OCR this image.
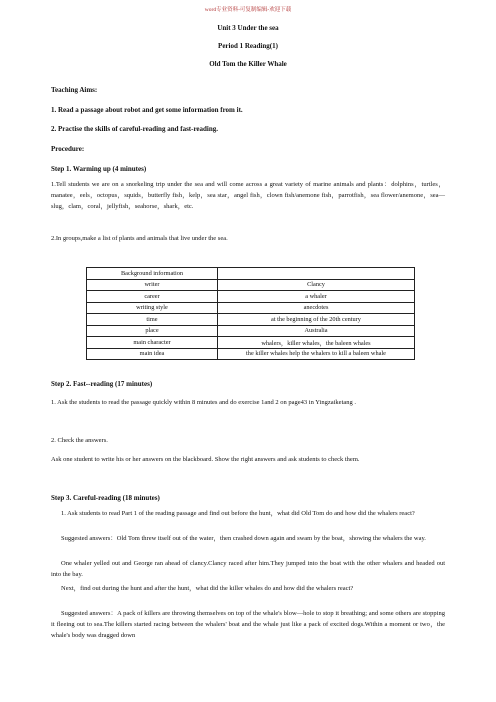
word专业资料-可复制编辑-欢迎下载
Unit 3 Under the sea
Period 1 Reading(1)
Old Tom the Killer Whale
Teaching Aims:
1. Read a passage about robot and get some information from it.
2. Practise the skills of careful-reading and fast-reading.
Procedure:
Step 1. Warming up (4 minutes)
1.Tell students we are on a snorkeling trip under the sea and will come across a great variety of marine animals and plants：dolphins，turtles，manatee，eels，octopus，squids，butterfly fish，kelp，sea star，angel fish，clown fish/anemone fish，parrotfish，sea flower/anemone，sea—slug，clam，coral，jellyfish，seahorse，shark，etc.
2.In groups,make a list of plants and animals that live under the sea.
Background information	
writer	Clancy
career	a whaler
writing style	anecdotes
time	at the beginning of the 20th century
place	Australia
main character	whalers，killer whales，the baleen whales
main idea	the killer whales help the whalers to kill a baleen whale
Step 2. Fast--reading (17 minutes)
1. Ask the students to read the passage quickly within 8 minutes and do exercise 1and 2 on page43 in Yingzaiketang .
2. Check the answers.
Ask one student to write his or her answers on the blackboard. Show the right answers and ask students to check them.
Step 3. Careful-reading (18 minutes)
1. Ask students to read Part 1 of the reading passage and find out before the hunt，what did Old Tom do and how did the whalers react?
Suggested answers：Old Tom threw itself out of the water，then crashed down again and swam by the boat，showing the whalers the way.
One whaler yelled out and George ran ahead of clancy.Clancy raced after him.They jumped into the boat with the other whalers and headed out into the bay.
Next，find out during the hunt and after the hunt，what did the killer whales do and how did the whalers react?
Suggested answers：A pack of killers are throwing themselves on top of the whale's blow—hole to stop it breathing; and some others are stopping it fleeing out to sea.The killers started racing between the whalers' boat and the whale just like a pack of excited dogs.Within a moment or two，the whale's body was dragged down
